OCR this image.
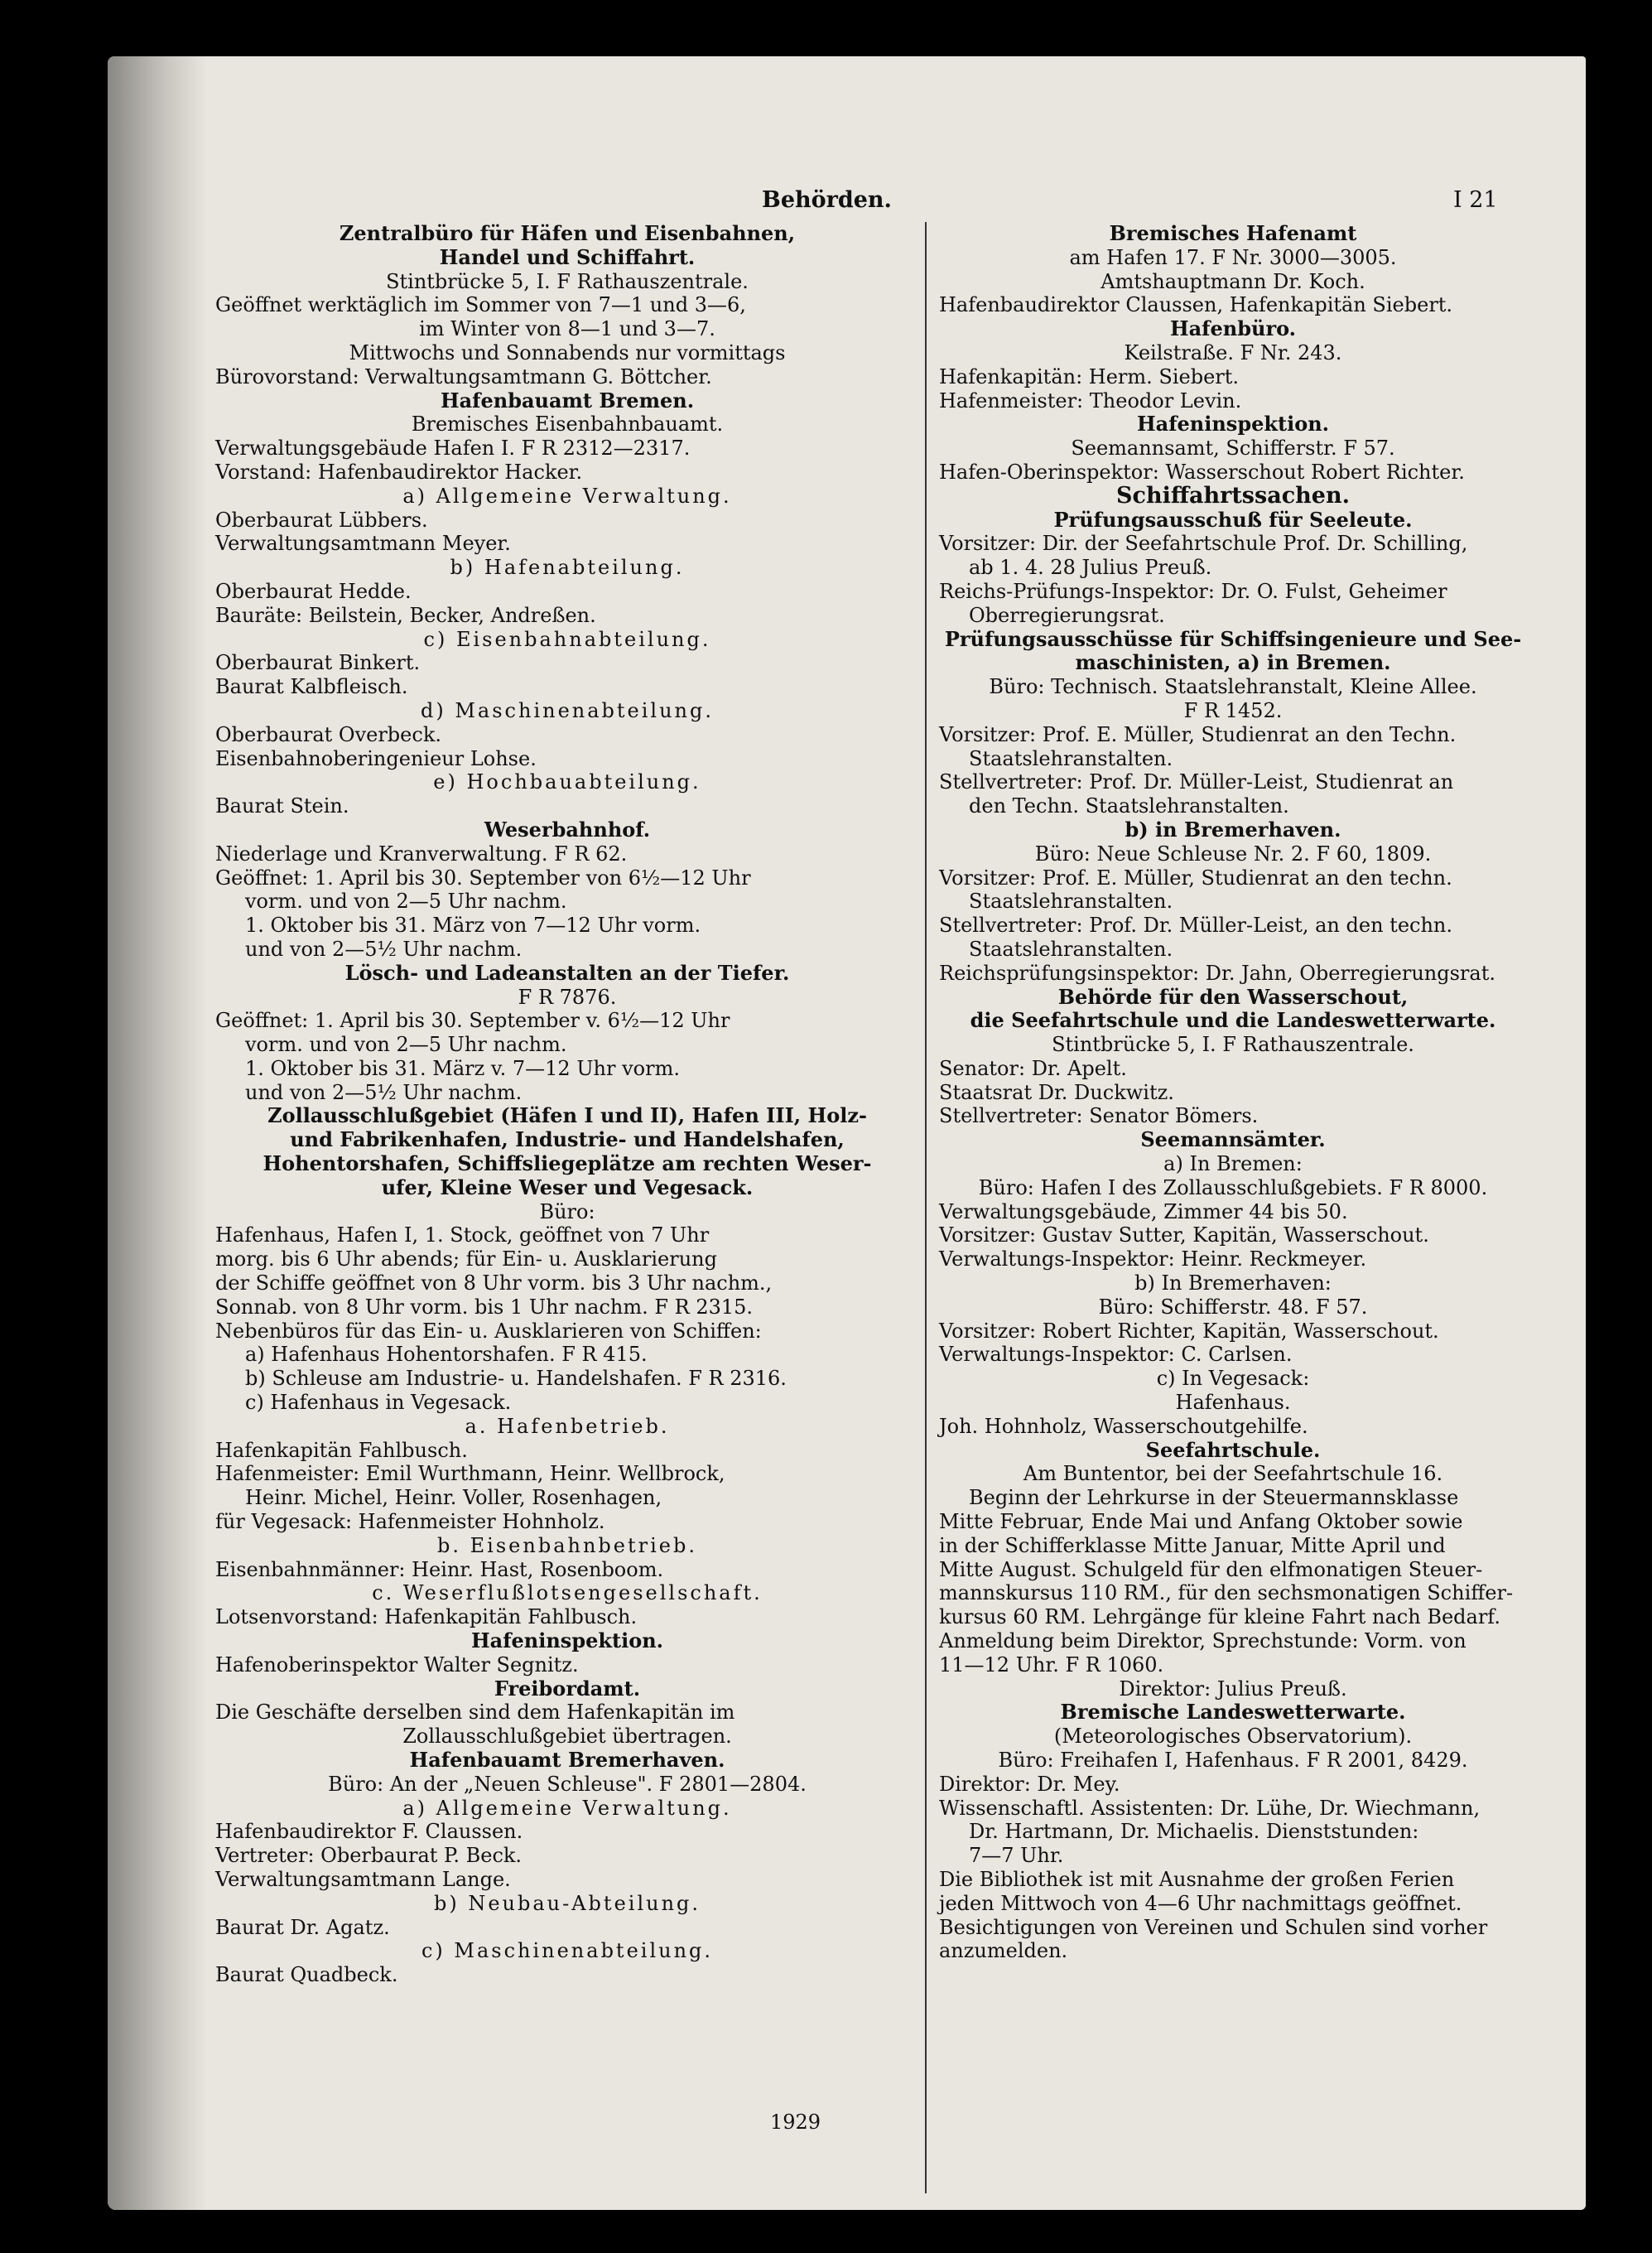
Behörden.	I 21
Zentralbüro für Häfen und Eisenbahnen,
Handel und Schiffahrt.
Stintbrücke 5, I. F Rathauszentrale.
Geöffnet werktäglich im Sommer von 7—1 und 3—6,
im Winter von 8—1 und 3—7.
Mittwochs und Sonnabends nur vormittags
Bürovorstand: Verwaltungsamtmann G. Böttcher.
Hafenbauamt Bremen.
Bremisches Eisenbahnbauamt.
Verwaltungsgebäude Hafen I. F R 2312—2317.
Vorstand: Hafenbaudirektor Hacker.
a) Allgemeine Verwaltung.
Oberbaurat Lübbers.
Verwaltungsamtmann Meyer.
b) Hafenabteilung.
Oberbaurat Hedde.
Bauräte: Beilstein, Becker, Andreßen.
c) Eisenbahnabteilung.
Oberbaurat Binkert.
Baurat Kalbfleisch.
d) Maschinenabteilung.
Oberbaurat Overbeck.
Eisenbahnoberingenieur Lohse.
e) Hochbauabteilung.
Baurat Stein.
Weserbahnhof.
Niederlage und Kranverwaltung. F R 62.
Geöffnet: 1. April bis 30. September von 6½—12 Uhr
vorm. und von 2—5 Uhr nachm.
1. Oktober bis 31. März von 7—12 Uhr vorm.
und von 2—5½ Uhr nachm.
Lösch- und Ladeanstalten an der Tiefer.
F R 7876.
Geöffnet: 1. April bis 30. September v. 6½—12 Uhr
vorm. und von 2—5 Uhr nachm.
1. Oktober bis 31. März v. 7—12 Uhr vorm.
und von 2—5½ Uhr nachm.
Zollausschlußgebiet (Häfen I und II), Hafen III, Holz-
und Fabrikenhafen, Industrie- und Handelshafen,
Hohentorshafen, Schiffsliegeplätze am rechten Weser-
ufer, Kleine Weser und Vegesack.
Büro:
Hafenhaus, Hafen I, 1. Stock, geöffnet von 7 Uhr
morg. bis 6 Uhr abends; für Ein- u. Ausklarierung
der Schiffe geöffnet von 8 Uhr vorm. bis 3 Uhr nachm.,
Sonnab. von 8 Uhr vorm. bis 1 Uhr nachm. F R 2315.
Nebenbüros für das Ein- u. Ausklarieren von Schiffen:
a) Hafenhaus Hohentorshafen. F R 415.
b) Schleuse am Industrie- u. Handelshafen. F R 2316.
c) Hafenhaus in Vegesack.
a. Hafenbetrieb.
Hafenkapitän Fahlbusch.
Hafenmeister: Emil Wurthmann, Heinr. Wellbrock,
Heinr. Michel, Heinr. Voller, Rosenhagen,
für Vegesack: Hafenmeister Hohnholz.
b. Eisenbahnbetrieb.
Eisenbahnmänner: Heinr. Hast, Rosenboom.
c. Weserflußlotsengesellschaft.
Lotsenvorstand: Hafenkapitän Fahlbusch.
Hafeninspektion.
Hafenoberinspektor Walter Segnitz.
Freibordamt.
Die Geschäfte derselben sind dem Hafenkapitän im
Zollausschlußgebiet übertragen.
Hafenbauamt Bremerhaven.
Büro: An der „Neuen Schleuse". F 2801—2804.
a) Allgemeine Verwaltung.
Hafenbaudirektor F. Claussen.
Vertreter: Oberbaurat P. Beck.
Verwaltungsamtmann Lange.
b) Neubau-Abteilung.
Baurat Dr. Agatz.
c) Maschinenabteilung.
Baurat Quadbeck.
Bremisches Hafenamt
am Hafen 17. F Nr. 3000—3005.
Amtshauptmann Dr. Koch.
Hafenbaudirektor Claussen, Hafenkapitän Siebert.
Hafenbüro.
Keilstraße. F Nr. 243.
Hafenkapitän: Herm. Siebert.
Hafenmeister: Theodor Levin.
Hafeninspektion.
Seemannsamt, Schifferstr. F 57.
Hafen-Oberinspektor: Wasserschout Robert Richter.
Schiffahrtssachen.
Prüfungsausschuß für Seeleute.
Vorsitzer: Dir. der Seefahrtschule Prof. Dr. Schilling,
ab 1. 4. 28 Julius Preuß.
Reichs-Prüfungs-Inspektor: Dr. O. Fulst, Geheimer
Oberregierungsrat.
Prüfungsausschüsse für Schiffsingenieure und See-
maschinisten, a) in Bremen.
Büro: Technisch. Staatslehranstalt, Kleine Allee.
F R 1452.
Vorsitzer: Prof. E. Müller, Studienrat an den Techn.
Staatslehranstalten.
Stellvertreter: Prof. Dr. Müller-Leist, Studienrat an
den Techn. Staatslehranstalten.
b) in Bremerhaven.
Büro: Neue Schleuse Nr. 2. F 60, 1809.
Vorsitzer: Prof. E. Müller, Studienrat an den techn.
Staatslehranstalten.
Stellvertreter: Prof. Dr. Müller-Leist, an den techn.
Staatslehranstalten.
Reichsprüfungsinspektor: Dr. Jahn, Oberregierungsrat.
Behörde für den Wasserschout,
die Seefahrtschule und die Landeswetterwarte.
Stintbrücke 5, I. F Rathauszentrale.
Senator: Dr. Apelt.
Staatsrat Dr. Duckwitz.
Stellvertreter: Senator Bömers.
Seemannsämter.
a) In Bremen:
Büro: Hafen I des Zollausschlußgebiets. F R 8000.
Verwaltungsgebäude, Zimmer 44 bis 50.
Vorsitzer: Gustav Sutter, Kapitän, Wasserschout.
Verwaltungs-Inspektor: Heinr. Reckmeyer.
b) In Bremerhaven:
Büro: Schifferstr. 48. F 57.
Vorsitzer: Robert Richter, Kapitän, Wasserschout.
Verwaltungs-Inspektor: C. Carlsen.
c) In Vegesack:
Hafenhaus.
Joh. Hohnholz, Wasserschoutgehilfe.
Seefahrtschule.
Am Buntentor, bei der Seefahrtschule 16.
Beginn der Lehrkurse in der Steuermannsklasse
Mitte Februar, Ende Mai und Anfang Oktober sowie
in der Schifferklasse Mitte Januar, Mitte April und
Mitte August. Schulgeld für den elfmonatigen Steuer-
mannskursus 110 RM., für den sechsmonatigen Schiffer-
kursus 60 RM. Lehrgänge für kleine Fahrt nach Bedarf.
Anmeldung beim Direktor, Sprechstunde: Vorm. von
11—12 Uhr. F R 1060.
Direktor: Julius Preuß.
Bremische Landeswetterwarte.
(Meteorologisches Observatorium).
Büro: Freihafen I, Hafenhaus. F R 2001, 8429.
Direktor: Dr. Mey.
Wissenschaftl. Assistenten: Dr. Lühe, Dr. Wiechmann,
Dr. Hartmann, Dr. Michaelis. Dienststunden:
7—7 Uhr.
Die Bibliothek ist mit Ausnahme der großen Ferien
jeden Mittwoch von 4—6 Uhr nachmittags geöffnet.
Besichtigungen von Vereinen und Schulen sind vorher
anzumelden.
1929
